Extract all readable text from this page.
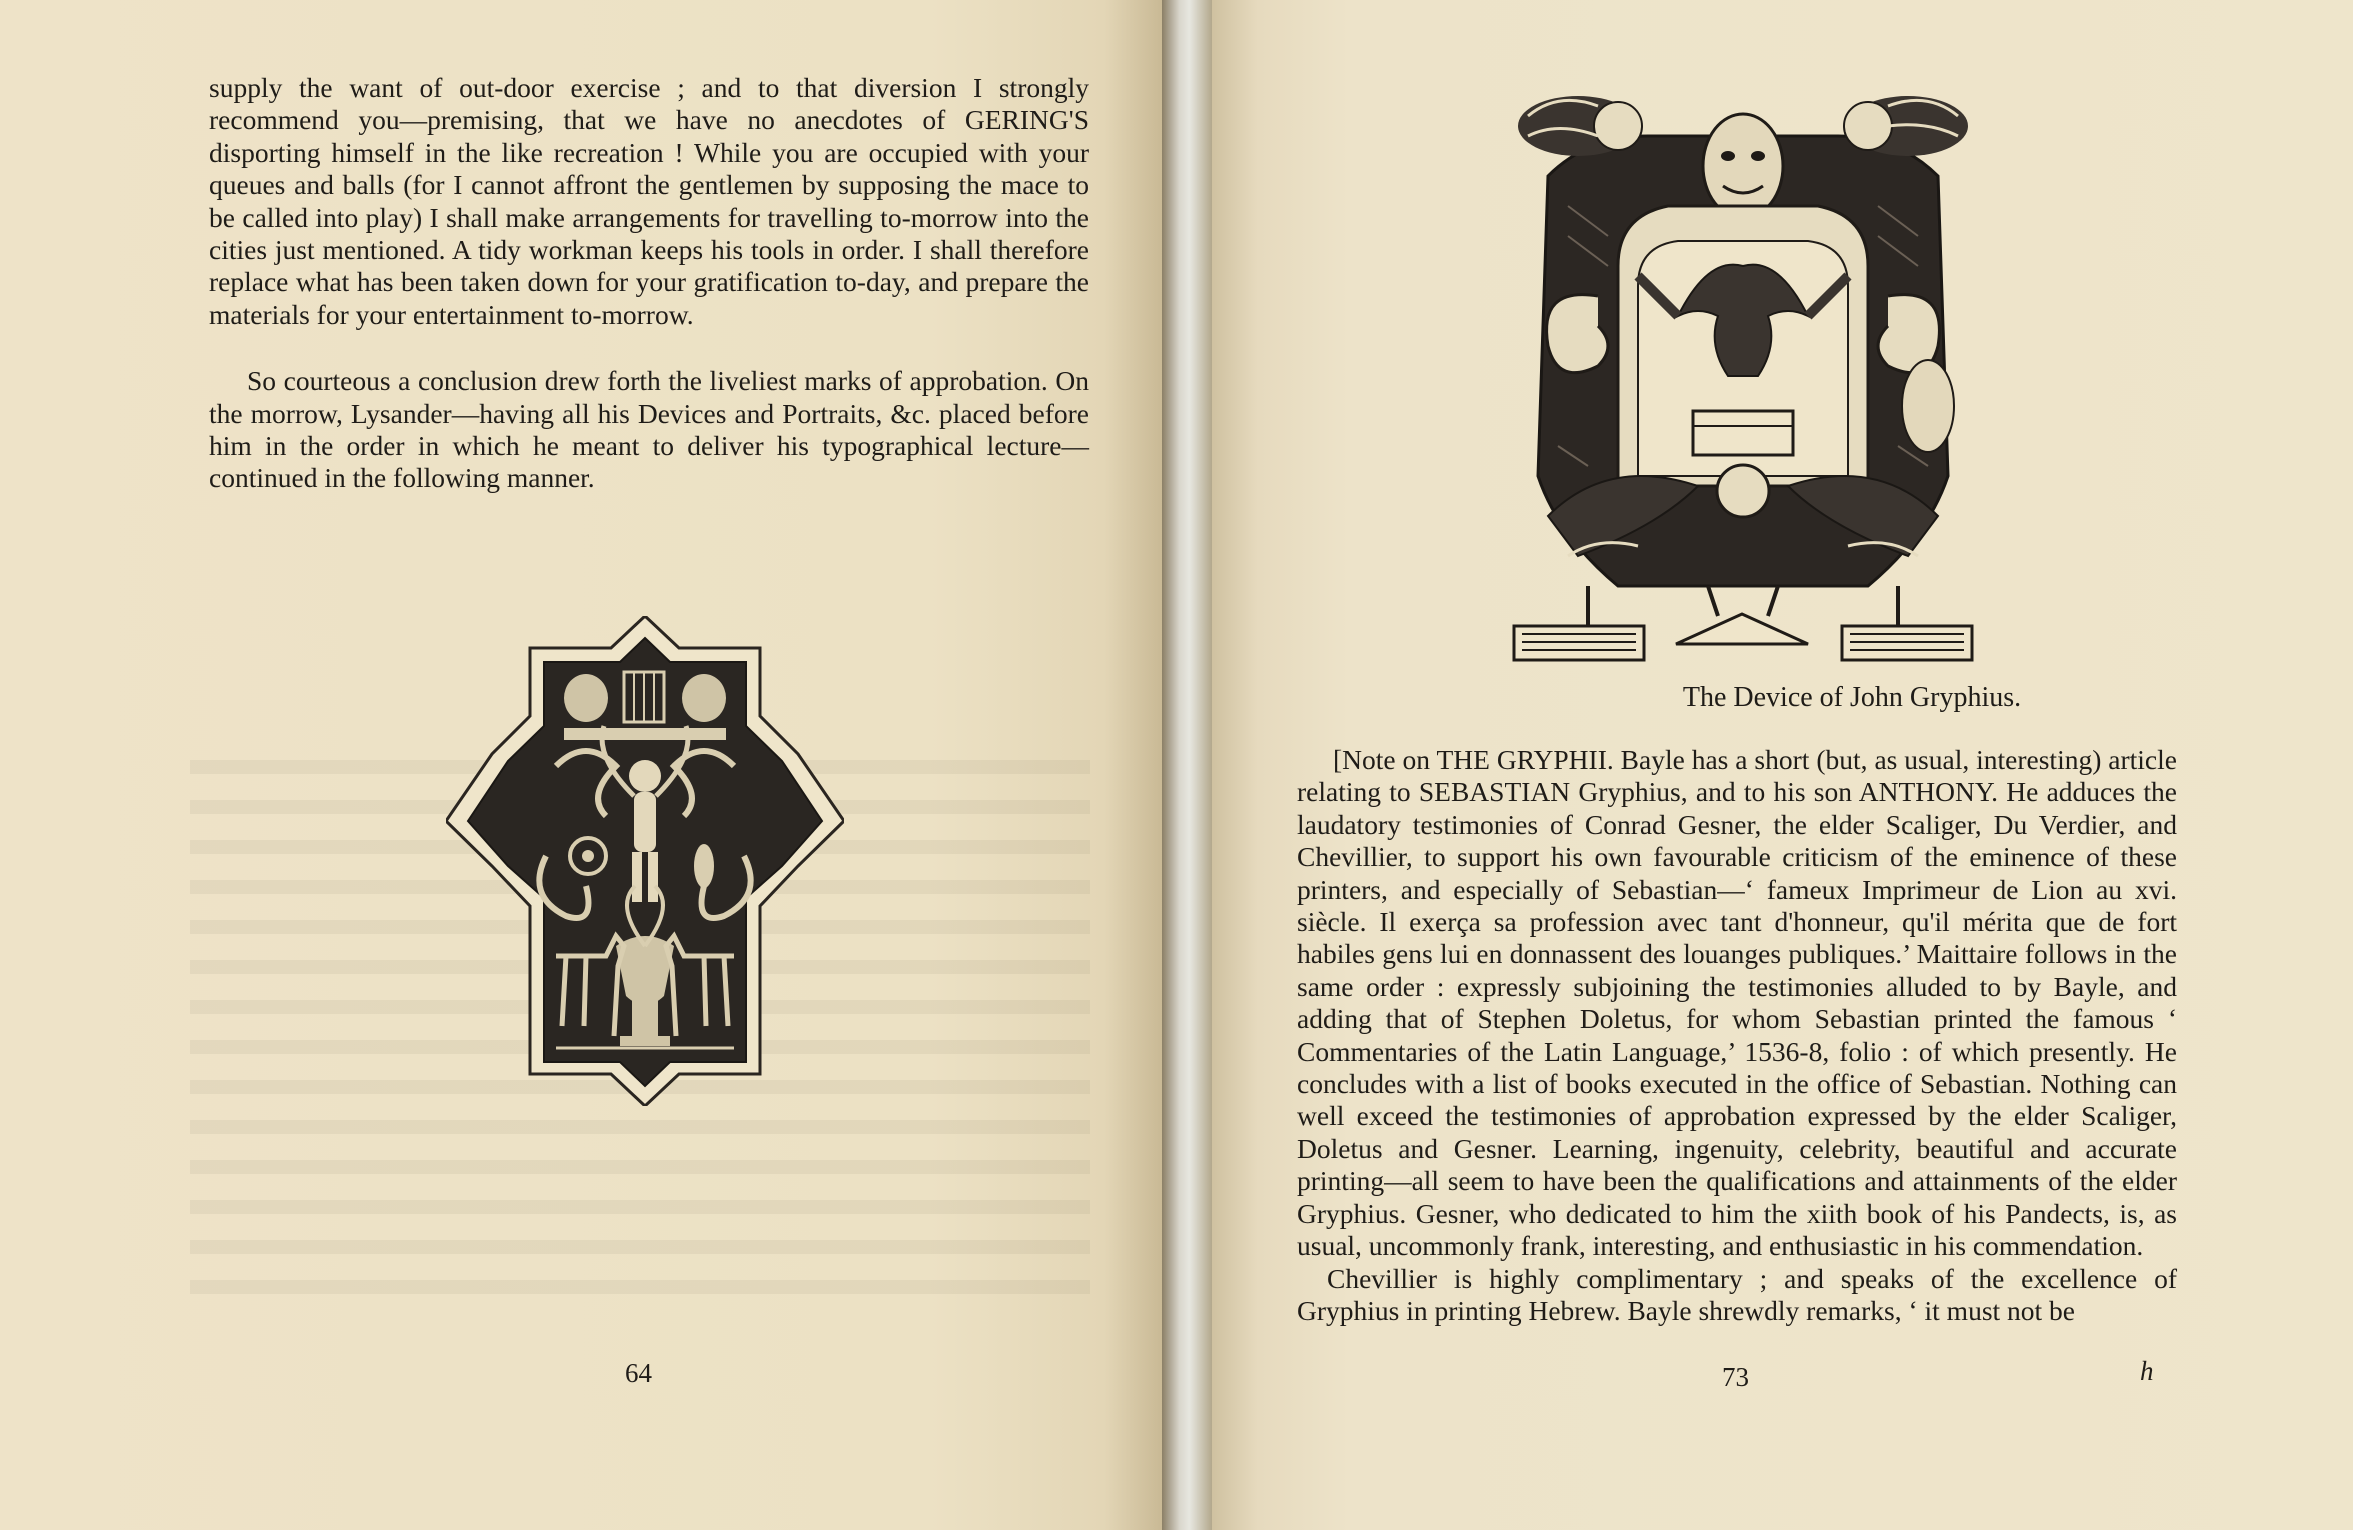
supply the want of out-door exercise ; and to that diversion I strongly recommend you—premising, that we have no anecdotes of GERING'S disporting himself in the like recreation ! While you are occupied with your queues and balls (for I cannot affront the gentlemen by supposing the mace to be called into play) I shall make arrangements for travelling to-morrow into the cities just mentioned. A tidy workman keeps his tools in order. I shall therefore replace what has been taken down for your gratification to-day, and prepare the materials for your entertainment to-morrow.

So courteous a conclusion drew forth the liveliest marks of approbation. On the morrow, Lysander—having all his Devices and Portraits, &c. placed before him in the order in which he meant to deliver his typographical lecture—continued in the following manner.

64
The Device of John Gryphius.

[Note on THE GRYPHII. Bayle has a short (but, as usual, interesting) article relating to SEBASTIAN Gryphius, and to his son ANTHONY. He adduces the laudatory testimonies of Conrad Gesner, the elder Scaliger, Du Verdier, and Chevillier, to support his own favourable criticism of the eminence of these printers, and especially of Sebastian—‘ fameux Imprimeur de Lion au xvi. siècle. Il exerça sa profession avec tant d'honneur, qu'il mérita que de fort habiles gens lui en donnassent des louanges publiques.’ Maittaire follows in the same order : expressly subjoining the testimonies alluded to by Bayle, and adding that of Stephen Doletus, for whom Sebastian printed the famous ‘ Commentaries of the Latin Language,’ 1536-8, folio : of which presently. He concludes with a list of books executed in the office of Sebastian. Nothing can well exceed the testimonies of approbation expressed by the elder Scaliger, Doletus and Gesner. Learning, ingenuity, celebrity, beautiful and accurate printing—all seem to have been the qualifications and attainments of the elder Gryphius. Gesner, who dedicated to him the xiith book of his Pandects, is, as usual, uncommonly frank, interesting, and enthusiastic in his commendation.

Chevillier is highly complimentary ; and speaks of the excellence of Gryphius in printing Hebrew. Bayle shrewdly remarks, ‘ it must not be

73	h
